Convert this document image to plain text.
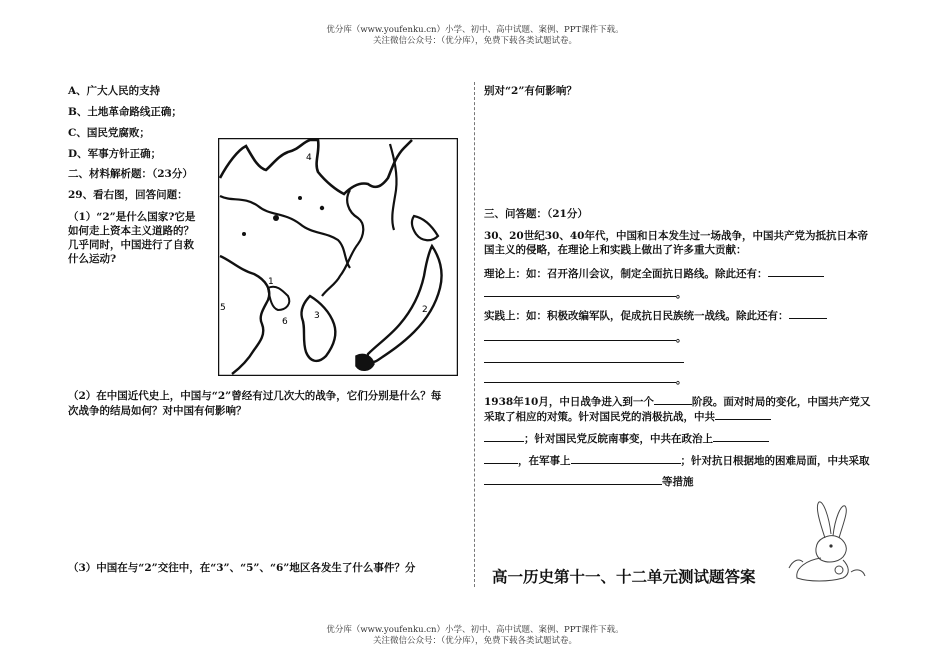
优分库（www.youfenku.cn）小学、初中、高中试题、案例、PPT课件下载。
关注微信公众号：（优分库），免费下载各类试题试卷。
A、广大人民的支持
B、土地革命路线正确；
C、国民党腐败；
D、军事方针正确；
二、材料解析题：（23分）
29、看右图，回答问题：
（1）“2”是什么国家?它是
如何走上资本主义道路的？
几乎同时，中国进行了自救
什么运动?
4
1
5
6
3
2
（2）在中国近代史上，中国与“2”曾经有过几次大的战争，它们分别是什么？每
次战争的结局如何？对中国有何影响？
（3）中国在与“2”交往中，在“3”、“5”、“6”地区各发生了什么事件？分
别对“2”有何影响？
三、问答题：（21分）
30、20世纪30、40年代，中国和日本发生过一场战争，中国共产党为抵抗日本帝
国主义的侵略，在理论上和实践上做出了许多重大贡献：
理论上：如：召开洛川会议，制定全面抗日路线。除此还有：
。
实践上：如：积极改编军队，促成抗日民族统一战线。除此还有：
。
。
1938年10月，中日战争进入到一个	阶段。面对时局的变化，中国共产党又
采取了相应的对策。针对国民党的消极抗战，中共
；针对国民党反皖南事变，中共在政治上
，在军事上	；针对抗日根据地的困难局面，中共采取
等措施
高一历史第十一、十二单元测试题答案
优分库（www.youfenku.cn）小学、初中、高中试题、案例、PPT课件下载。
关注微信公众号：（优分库），免费下载各类试题试卷。
